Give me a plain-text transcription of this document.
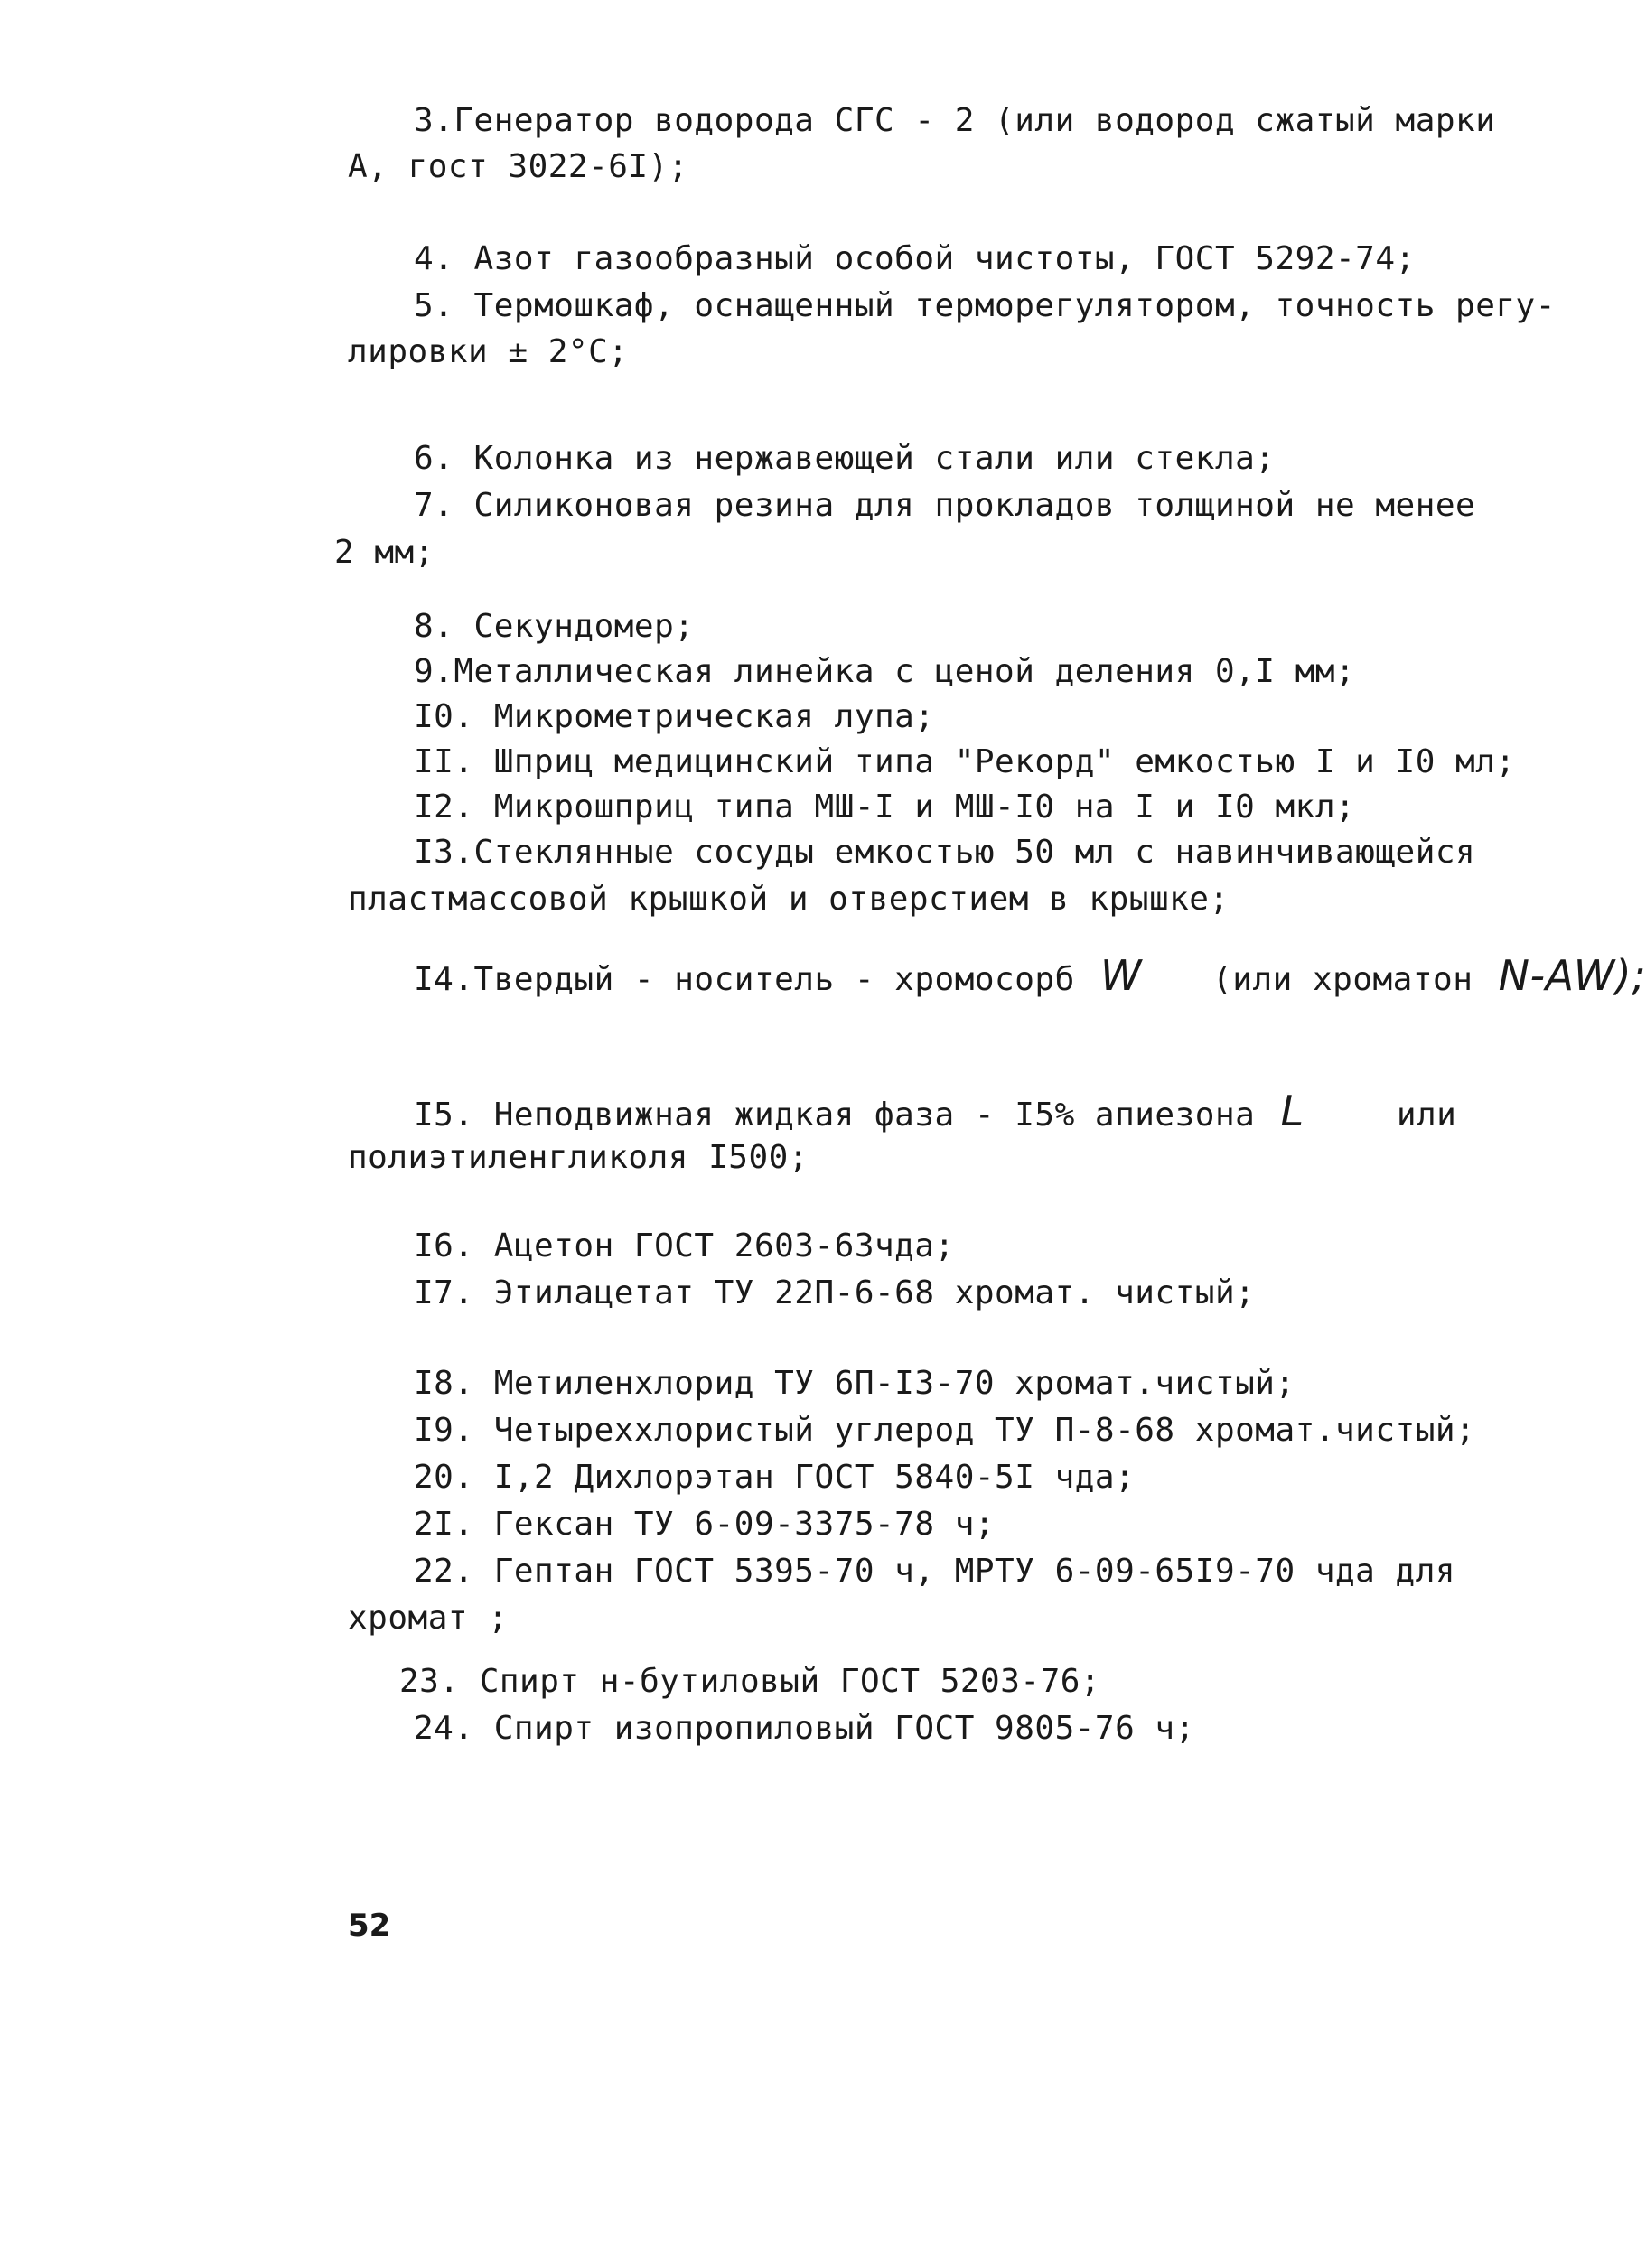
3.Генератор водорода СГС - 2 (или водород сжатый марки
А, гост 3022-6I);
4. Азот газообразный особой чистоты, ГОСТ 5292-74;
5. Термошкаф, оснащенный терморегулятором, точность регу-
лировки ± 2°С;
6. Колонка из нержавеющей стали или стекла;
7. Силиконовая резина для прокладов толщиной не менее
2 мм;
8. Секундомер;
9.Металлическая линейка с ценой деления 0,I мм;
I0. Микрометрическая лупа;
II. Шприц медицинский типа "Рекорд" емкостью I и I0 мл;
I2. Микрошприц типа МШ-I и МШ-I0 на I и I0 мкл;
I3.Стеклянные сосуды емкостью 50 мл с навинчивающейся
пластмассовой крышкой и отверстием в крышке;
I4.Твердый - носитель - хромосорб W (или хроматон N-AW);
I5. Неподвижная жидкая фаза - I5% апиезона L	или
полиэтиленгликоля I500;
I6. Ацетон ГОСТ 2603-63чда;
I7. Этилацетат ТУ 22П-6-68 хромат. чистый;
I8. Метиленхлорид ТУ 6П-I3-70 хромат.чистый;
I9. Четыреххлористый углерод ТУ П-8-68 хромат.чистый;
20. I,2 Дихлорэтан ГОСТ 5840-5I чда;
2I. Гексан ТУ 6-09-3375-78 ч;
22. Гептан ГОСТ 5395-70 ч, МРТУ 6-09-65I9-70 чда для
хромат ;
23. Спирт н-бутиловый ГОСТ 5203-76;
24. Спирт изопропиловый ГОСТ 9805-76 ч;
52
